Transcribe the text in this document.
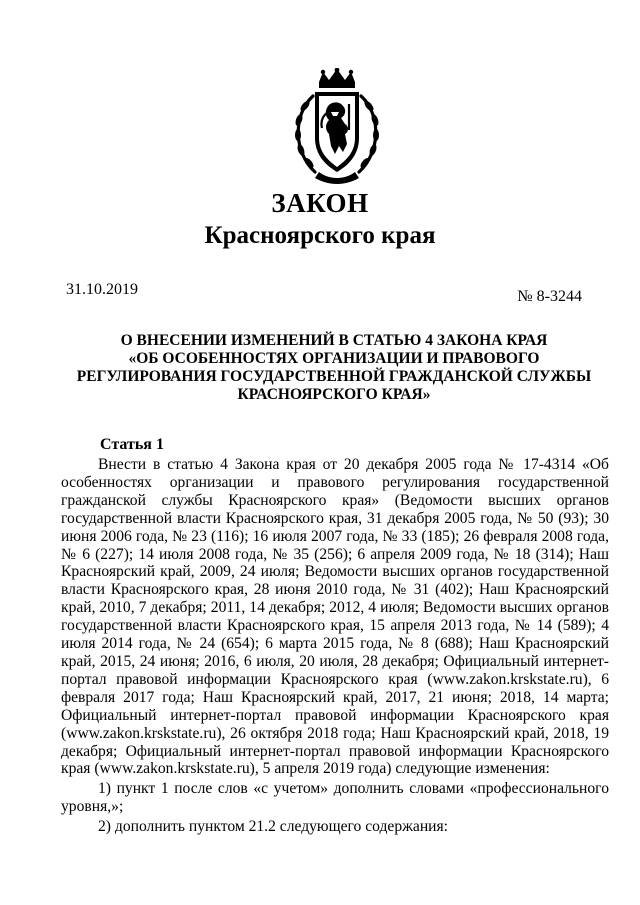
ЗАКОН
Красноярского края
31.10.2019	№ 8-3244
О ВНЕСЕНИИ ИЗМЕНЕНИЙ В СТАТЬЮ 4 ЗАКОНА КРАЯ
«ОБ ОСОБЕННОСТЯХ ОРГАНИЗАЦИИ И ПРАВОВОГО
РЕГУЛИРОВАНИЯ ГОСУДАРСТВЕННОЙ ГРАЖДАНСКОЙ СЛУЖБЫ
КРАСНОЯРСКОГО КРАЯ»
Статья 1

Внести в статью 4 Закона края от 20 декабря 2005 года № 17-4314 «Об особенностях организации и правового регулирования государственной гражданской службы Красноярского края» (Ведомости высших органов государственной власти Красноярского края, 31 декабря 2005 года, № 50 (93); 30 июня 2006 года, № 23 (116); 16 июля 2007 года, № 33 (185); 26 февраля 2008 года, № 6 (227); 14 июля 2008 года, № 35 (256); 6 апреля 2009 года, № 18 (314); Наш Красноярский край, 2009, 24 июля; Ведомости высших органов государственной власти Красноярского края, 28 июня 2010 года, № 31 (402); Наш Красноярский край, 2010, 7 декабря; 2011, 14 декабря; 2012, 4 июля; Ведомости высших органов государственной власти Красноярского края, 15 апреля 2013 года, № 14 (589); 4 июля 2014 года, № 24 (654); 6 марта 2015 года, № 8 (688); Наш Красноярский край, 2015, 24 июня; 2016, 6 июля, 20 июля, 28 декабря; Официальный интернет-портал правовой информации Красноярского края (www.zakon.krskstate.ru), 6 февраля 2017 года; Наш Красноярский край, 2017, 21 июня; 2018, 14 марта; Официальный интернет-портал правовой информации Красноярского края (www.zakon.krskstate.ru), 26 октября 2018 года; Наш Красноярский край, 2018, 19 декабря; Официальный интернет-портал правовой информации Красноярского края (www.zakon.krskstate.ru), 5 апреля 2019 года) следующие изменения:

1) пункт 1 после слов «с учетом» дополнить словами «профессионального уровня,»;

2) дополнить пунктом 21.2 следующего содержания:
